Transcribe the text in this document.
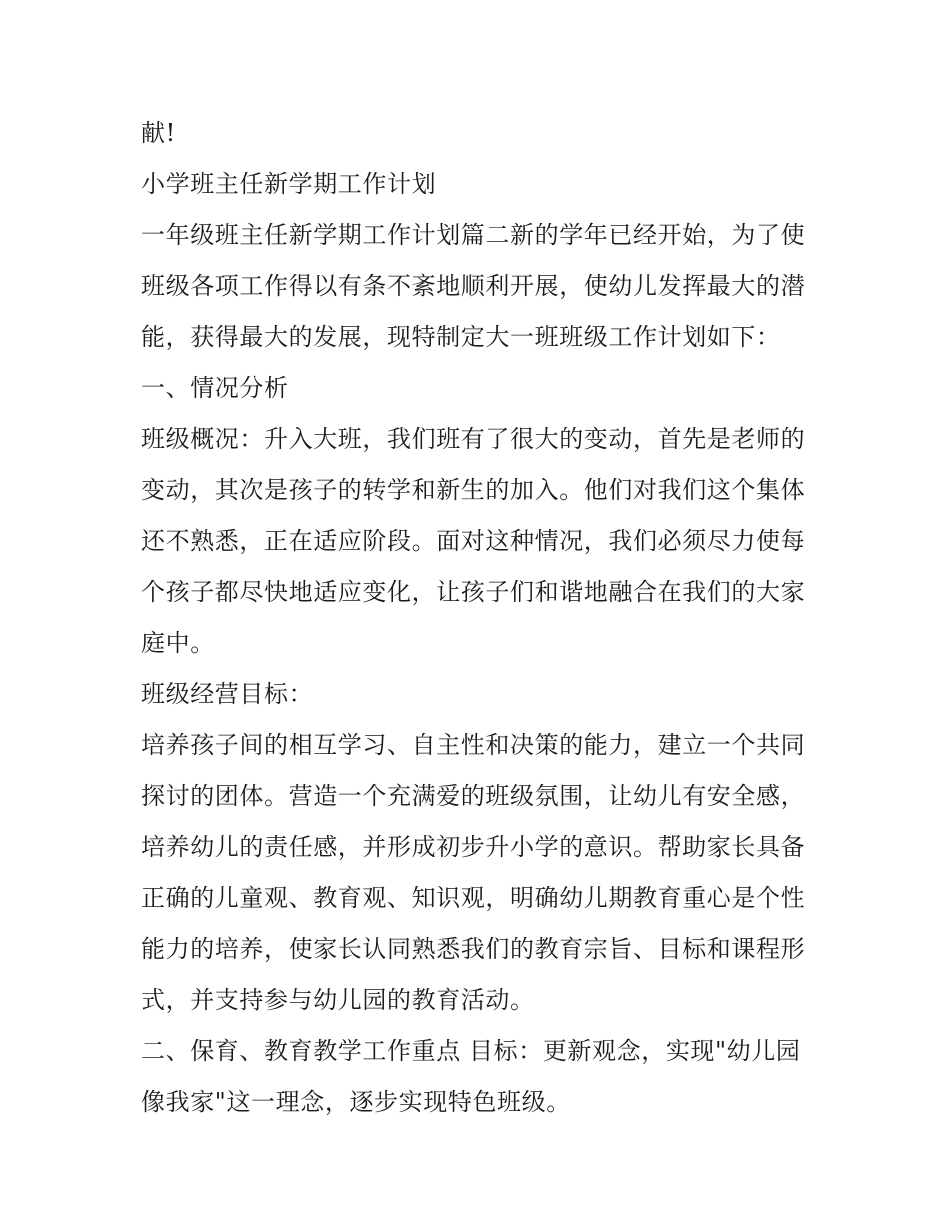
献!
小学班主任新学期工作计划
一年级班主任新学期工作计划篇二新的学年已经开始，为了使
班级各项工作得以有条不紊地顺利开展，使幼儿发挥最大的潜
能，获得最大的发展，现特制定大一班班级工作计划如下：
一、情况分析
班级概况：升入大班，我们班有了很大的变动，首先是老师的
变动，其次是孩子的转学和新生的加入。他们对我们这个集体
还不熟悉，正在适应阶段。面对这种情况，我们必须尽力使每
个孩子都尽快地适应变化，让孩子们和谐地融合在我们的大家
庭中。
班级经营目标：
培养孩子间的相互学习、自主性和决策的能力，建立一个共同
探讨的团体。营造一个充满爱的班级氛围，让幼儿有安全感，
培养幼儿的责任感，并形成初步升小学的意识。帮助家长具备
正确的儿童观、教育观、知识观，明确幼儿期教育重心是个性
能力的培养，使家长认同熟悉我们的教育宗旨、目标和课程形
式，并支持参与幼儿园的教育活动。
二、保育、教育教学工作重点 目标：更新观念，实现"幼儿园
像我家"这一理念，逐步实现特色班级。
